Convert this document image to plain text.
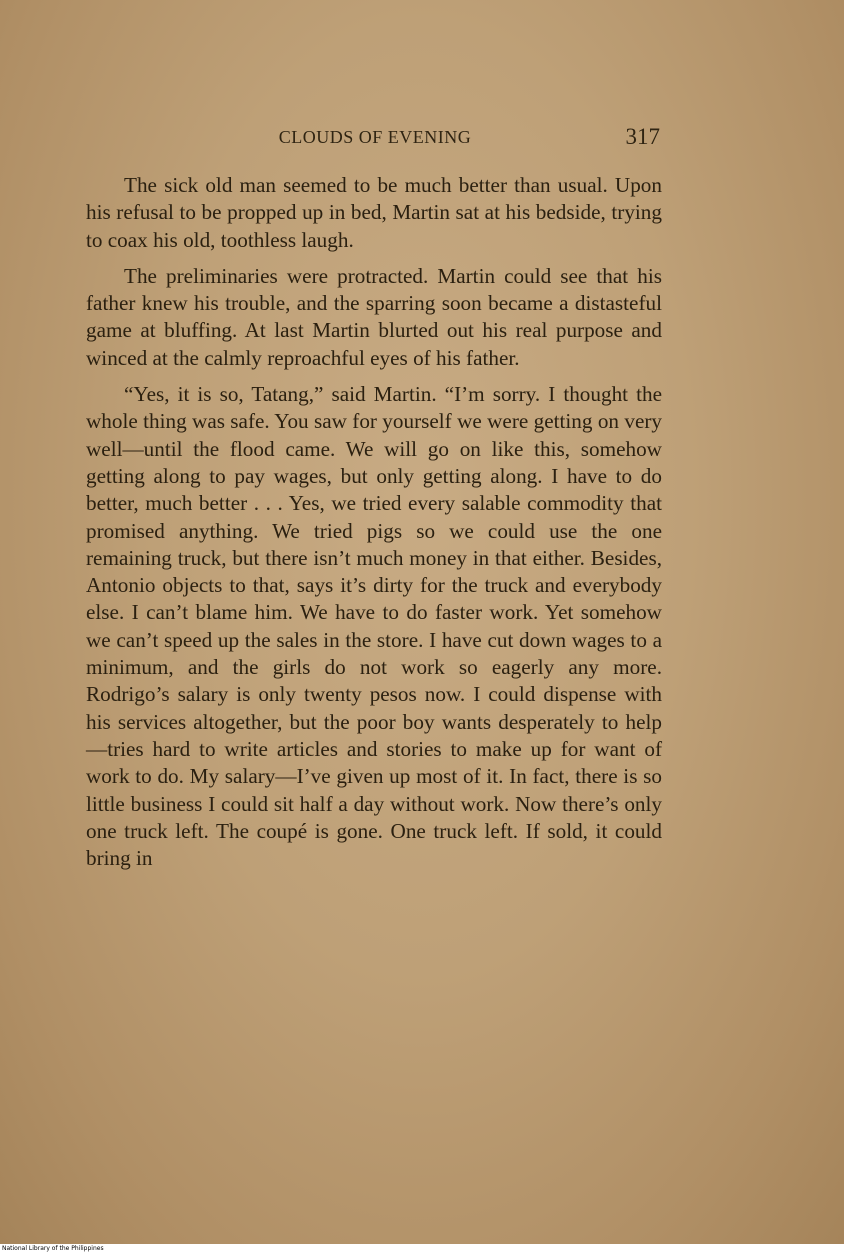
CLOUDS OF EVENING	317

The sick old man seemed to be much better than usual. Upon his refusal to be propped up in bed, Martin sat at his bedside, trying to coax his old, toothless laugh.

The preliminaries were protracted. Martin could see that his father knew his trouble, and the sparring soon became a distasteful game at bluffing. At last Martin blurted out his real purpose and winced at the calmly reproachful eyes of his father.

“Yes, it is so, Tatang,” said Martin. “I’m sorry. I thought the whole thing was safe. You saw for yourself we were getting on very well—until the flood came. We will go on like this, somehow getting along to pay wages, but only getting along. I have to do better, much better . . . Yes, we tried every salable commodity that promised anything. We tried pigs so we could use the one remaining truck, but there isn’t much money in that either. Besides, Antonio objects to that, says it’s dirty for the truck and everybody else. I can’t blame him. We have to do faster work. Yet somehow we can’t speed up the sales in the store. I have cut down wages to a minimum, and the girls do not work so eagerly any more. Rodrigo’s salary is only twenty pesos now. I could dispense with his services altogether, but the poor boy wants desperately to help—tries hard to write articles and stories to make up for want of work to do. My salary—I’ve given up most of it. In fact, there is so little business I could sit half a day without work. Now there’s only one truck left. The coupé is gone. One truck left. If sold, it could bring in

National Library of the Philippines
